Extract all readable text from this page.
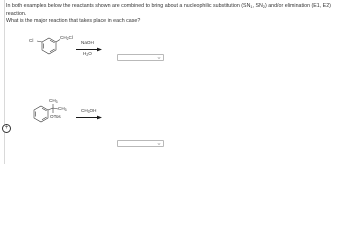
In both examples below the reactants shown are combined to bring about a nucleophilic substitution ($SN_1$, $SN_2$) and/or elimination (E1, E2) reaction.
What is the major reaction that takes place in each case?
+
Cl
$CH_2Cl$
NaOH
$H_2O$
$CH_3$
$CH_3$
OTos
$CH_3OH$
